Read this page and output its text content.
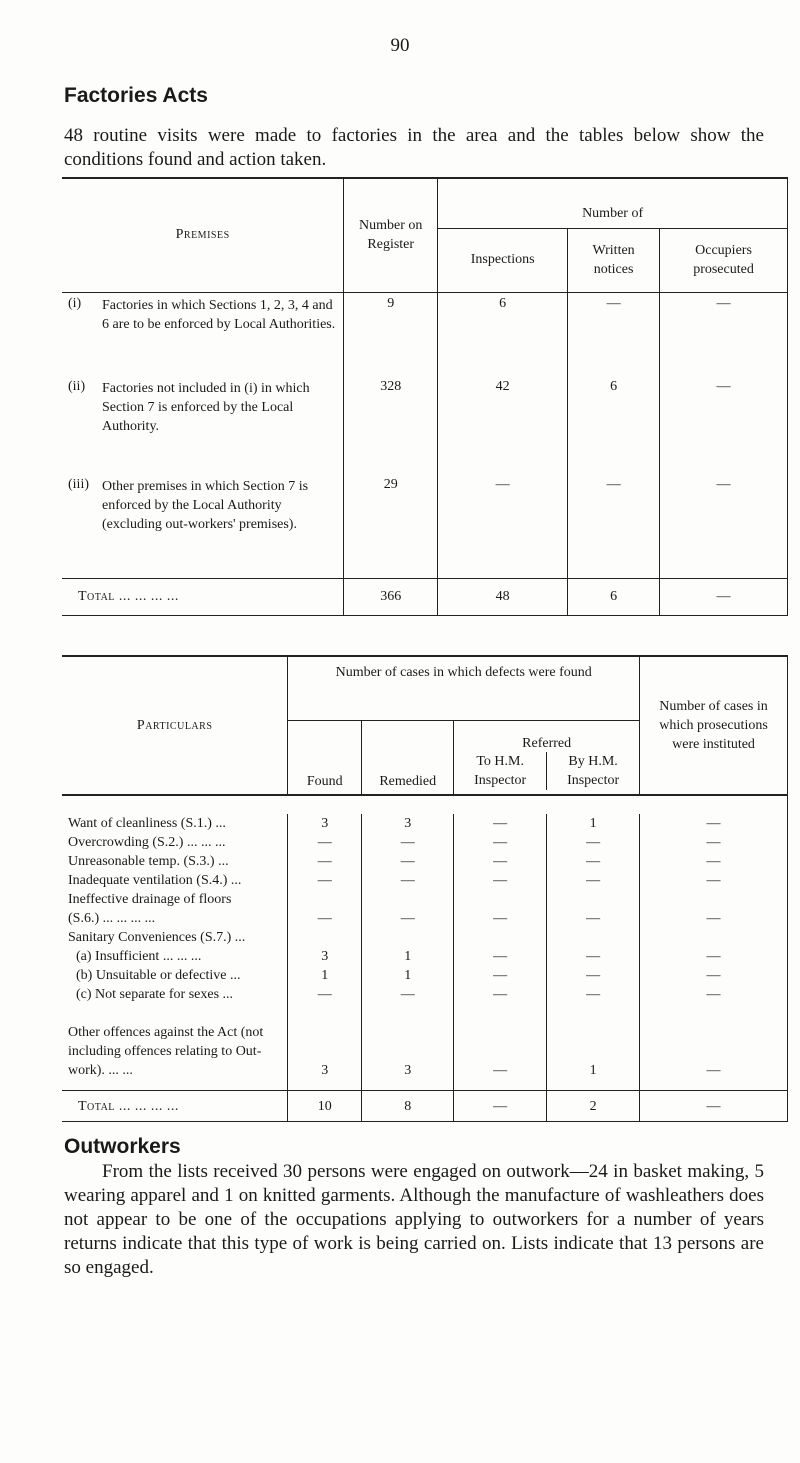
90
Factories Acts
48 routine visits were made to factories in the area and the tables below show the conditions found and action taken.
Premises	Number on Register	Number of		
		Inspections	Written notices	Occupiers prosecuted

(i) Factories in which Sections 1, 2, 3, 4 and 6 are to be enforced by Local Authorities.	9	6	—	—

(ii) Factories not included in (i) in which Section 7 is enforced by the Local Authority.	328	42	6	—

(iii) Other premises in which Section 7 is enforced by the Local Authority (excluding out-workers' premises).	29	—	—	—
Total ... ... ... ...	366	48	6	—
Particulars	Number of cases in which defects were found				Number of cases in which prosecutions were instituted
	Found	Remedied	Referred
To H.M. Inspector
By H.M. Inspector		

Want of cleanliness (S.1.) ...	3	3	—	1	—
Overcrowding (S.2.) ... ... ...	—	—	—	—	—
Unreasonable temp. (S.3.) ...	—	—	—	—	—
Inadequate ventilation (S.4.) ...	—	—	—	—	—
Ineffective drainage of floors (S.6.) ... ... ... ...	—	—	—	—	—
Sanitary Conveniences (S.7.) ...					
(a) Insufficient ... ... ...	3	1	—	—	—
(b) Unsuitable or defective ...	1	1	—	—	—
(c) Not separate for sexes ...	—	—	—	—	—
Other offences against the Act (not including offences relating to Out-work). ... ...	3	3	—	1	—
Total ... ... ... ...	10	8	—	2	—
Outworkers
From the lists received 30 persons were engaged on outwork—24 in basket making, 5 wearing apparel and 1 on knitted garments. Although the manufacture of washleathers does not appear to be one of the occupations applying to outworkers for a number of years returns indicate that this type of work is being carried on. Lists indicate that 13 persons are so engaged.
